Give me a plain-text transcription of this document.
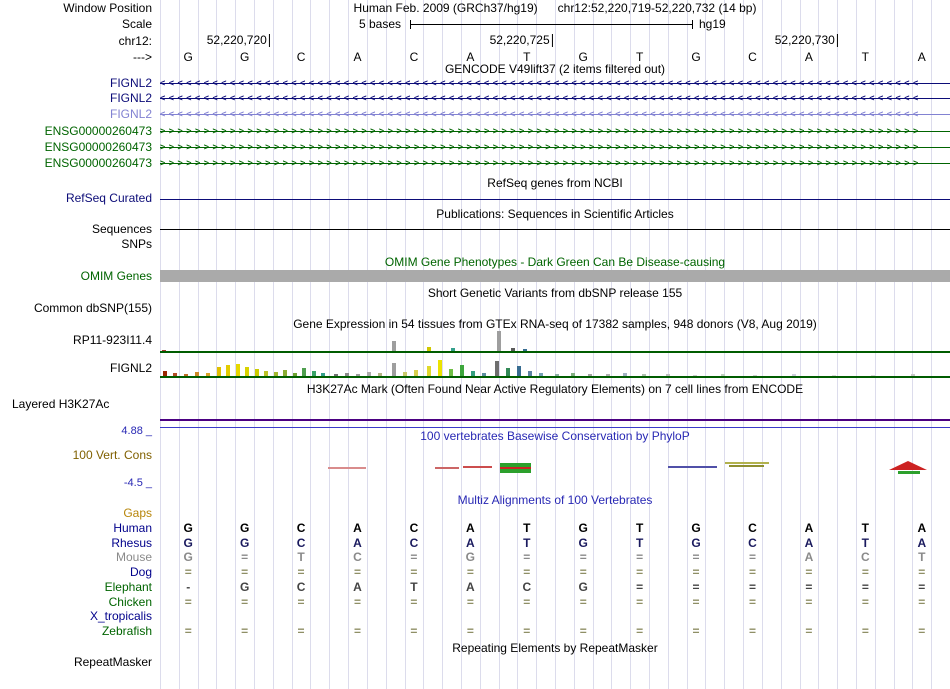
Window Position	Human Feb. 2009 (GRCh37/hg19) chr12:52,220,719-52,220,732 (14 bp)
Scale	5 bases	hg19
chr12:	52,220,720	52,220,725	52,220,730
--->	G	G	C	A	C	A	T	G	T	G	C	A	T	A
GENCODE V49lift37 (2 items filtered out)
FIGNL2 <<<<<<<<<<<<<<<<<<<<<<<<<<<<<<<<<<<<<<<<<<<<<<<<<<<<<<<<<<<<<<<<<<<<<<<<<<<<<<<<<<<<<<<
FIGNL2 <<<<<<<<<<<<<<<<<<<<<<<<<<<<<<<<<<<<<<<<<<<<<<<<<<<<<<<<<<<<<<<<<<<<<<<<<<<<<<<<<<<<<<<
FIGNL2 <<<<<<<<<<<<<<<<<<<<<<<<<<<<<<<<<<<<<<<<<<<<<<<<<<<<<<<<<<<<<<<<<<<<<<<<<<<<<<<<<<<<<<<
ENSG00000260473 >>>>>>>>>>>>>>>>>>>>>>>>>>>>>>>>>>>>>>>>>>>>>>>>>>>>>>>>>>>>>>>>>>>>>>>>>>>>>>>>>>>>>>>
ENSG00000260473 >>>>>>>>>>>>>>>>>>>>>>>>>>>>>>>>>>>>>>>>>>>>>>>>>>>>>>>>>>>>>>>>>>>>>>>>>>>>>>>>>>>>>>>
ENSG00000260473 >>>>>>>>>>>>>>>>>>>>>>>>>>>>>>>>>>>>>>>>>>>>>>>>>>>>>>>>>>>>>>>>>>>>>>>>>>>>>>>>>>>>>>>
RefSeq genes from NCBI
RefSeq Curated
Publications: Sequences in Scientific Articles
Sequences
SNPs
OMIM Gene Phenotypes - Dark Green Can Be Disease-causing
OMIM Genes
Short Genetic Variants from dbSNP release 155
Common dbSNP(155)
Gene Expression in 54 tissues from GTEx RNA-seq of 17382 samples, 948 donors (V8, Aug 2019)
RP11-923I11.4
FIGNL2
H3K27Ac Mark (Often Found Near Active Regulatory Elements) on 7 cell lines from ENCODE
Layered H3K27Ac
4.88 _	100 vertebrates Basewise Conservation by PhyloP
100 Vert. Cons
-4.5 _
Multiz Alignments of 100 Vertebrates
Gaps
Human	G	G	C	A	C	A	T	G	T	G	C	A	T	A
Rhesus	G	G	C	A	C	A	T	G	T	G	C	A	T	A
Mouse	G	=	T	C	=	G	=	=	=	=	=	A	C	T
Dog	=	=	=	=	=	=	=	=	=	=	=	=	=	=
Elephant	-	G	C	A	T	A	C	G	=	=	=	=	=	=
Chicken	=	=	=	=	=	=	=	=	=	=	=	=	=	=
X_tropicalis
Zebrafish	=	=	=	=	=	=	=	=	=	=	=	=	=	=
Repeating Elements by RepeatMasker
RepeatMasker
